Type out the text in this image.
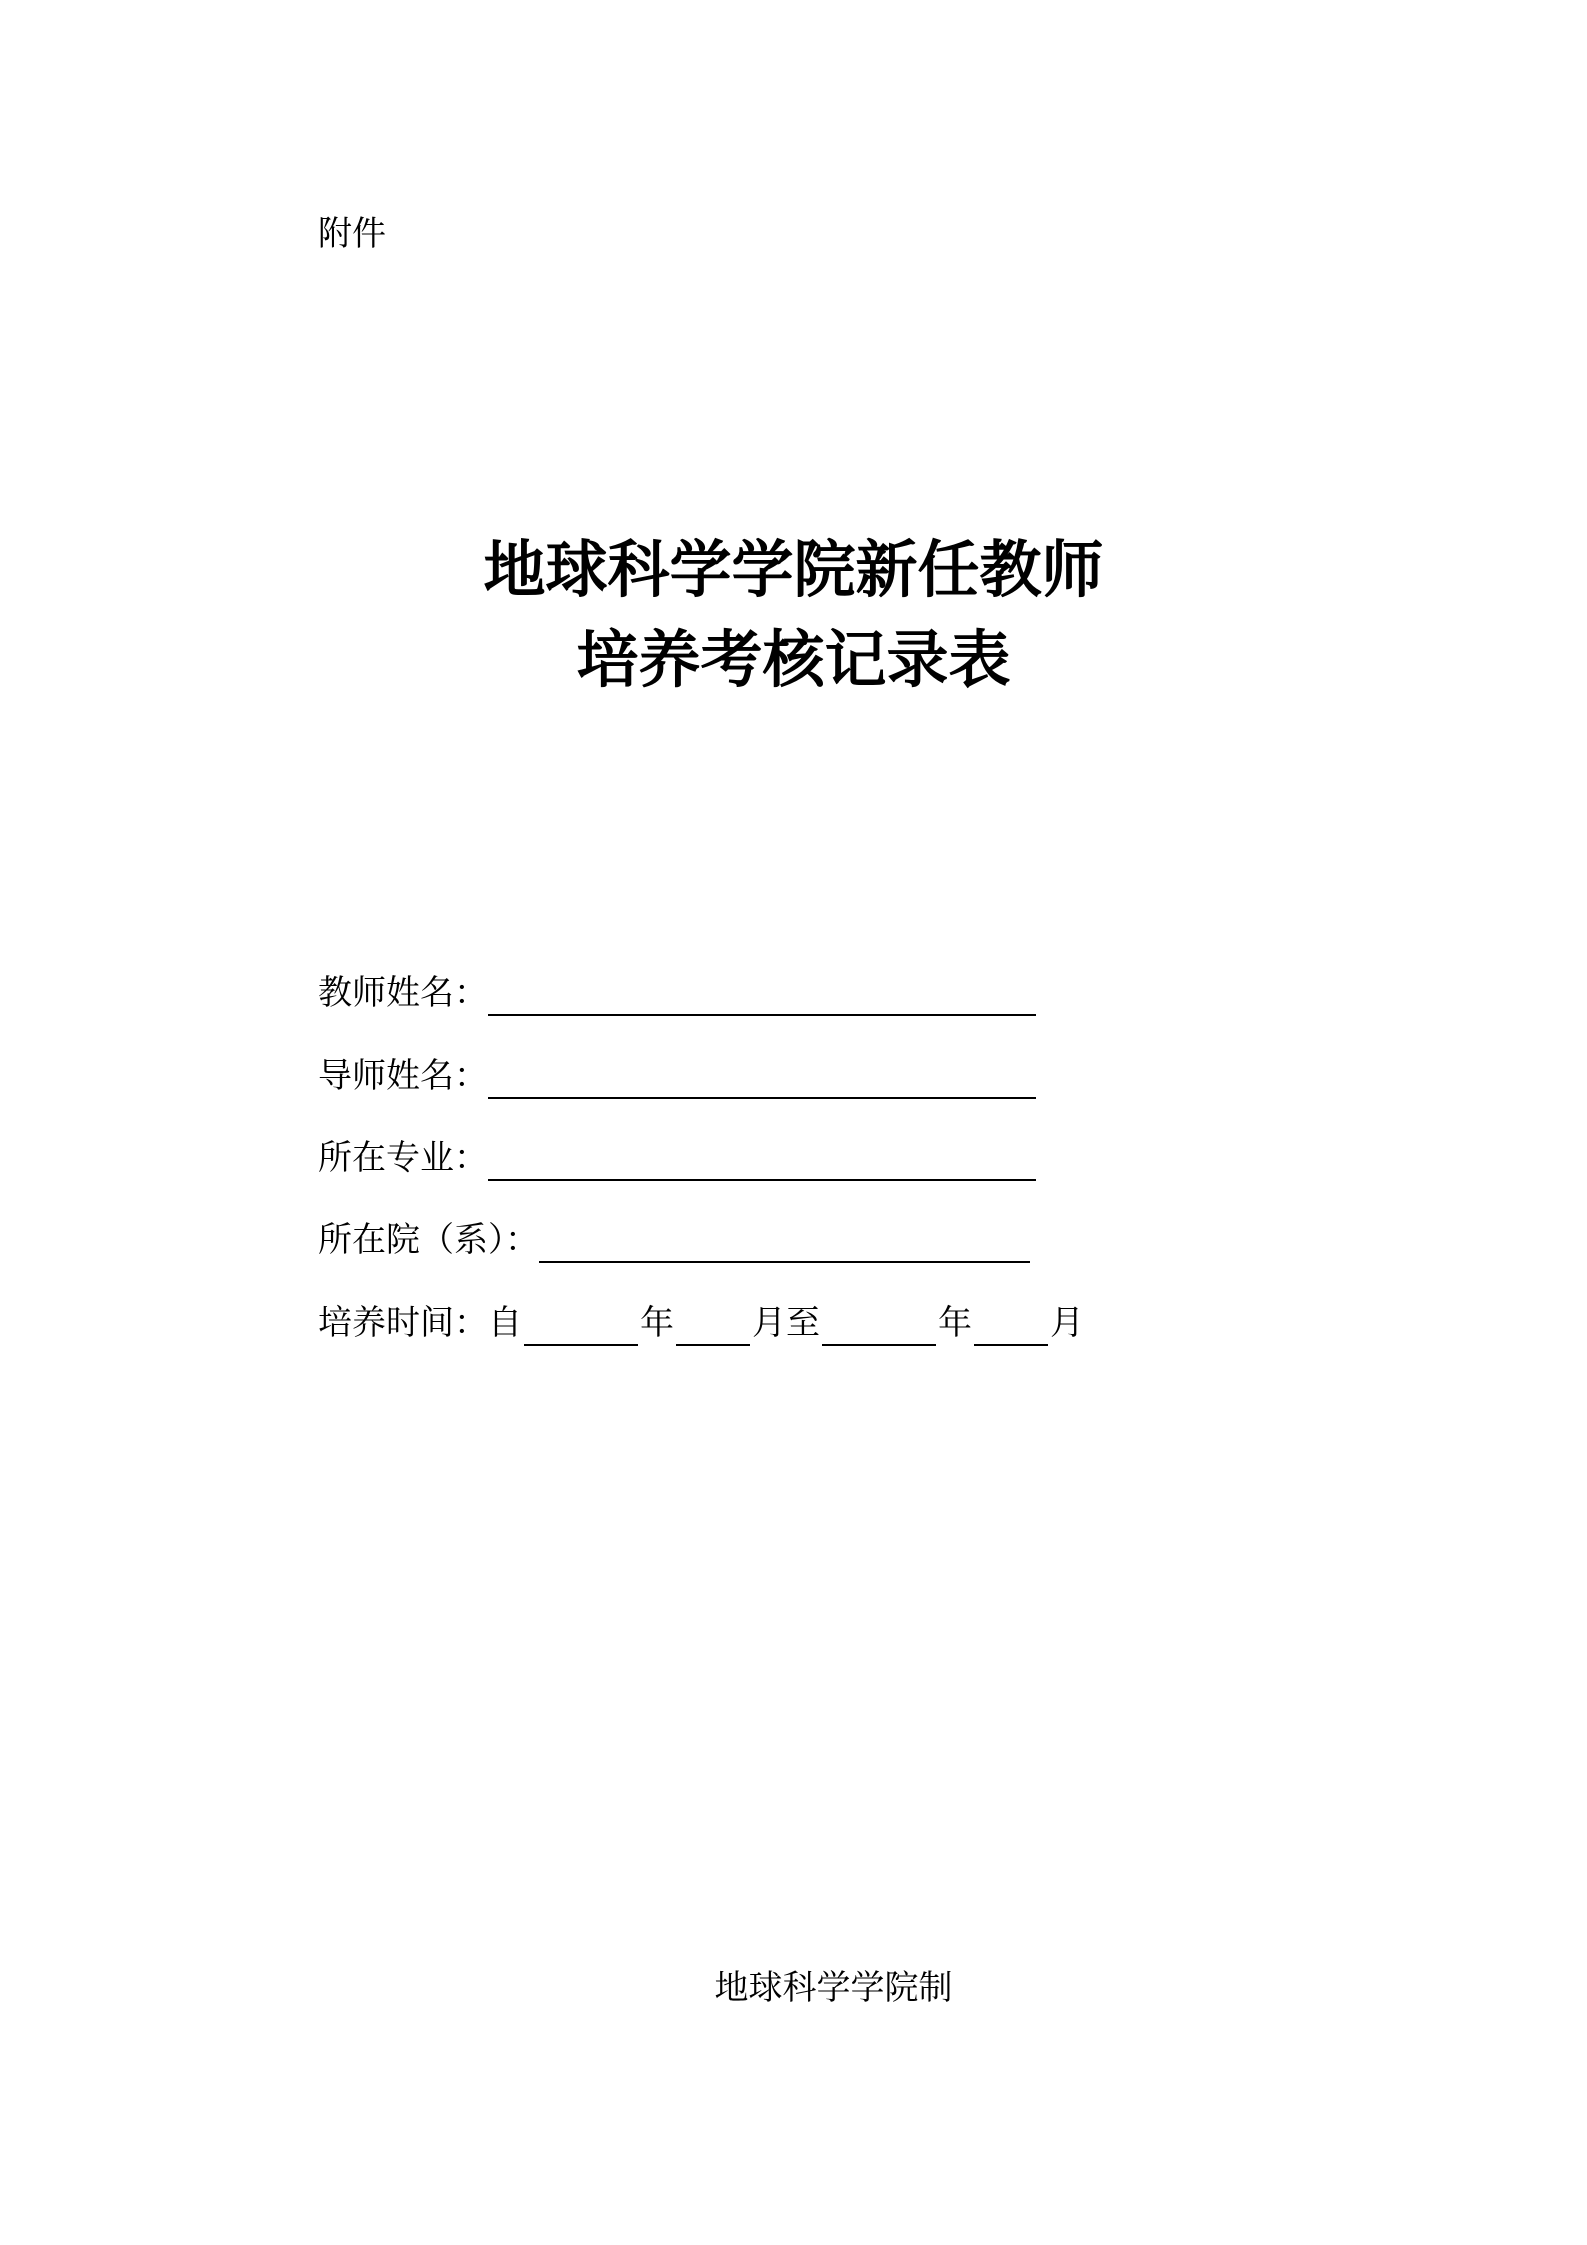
附件

地球科学学院新任教师
培养考核记录表
教师姓名：
导师姓名：
所在专业：
所在院（系）：
培养时间： 自	年 月至	年 月
地球科学学院制
